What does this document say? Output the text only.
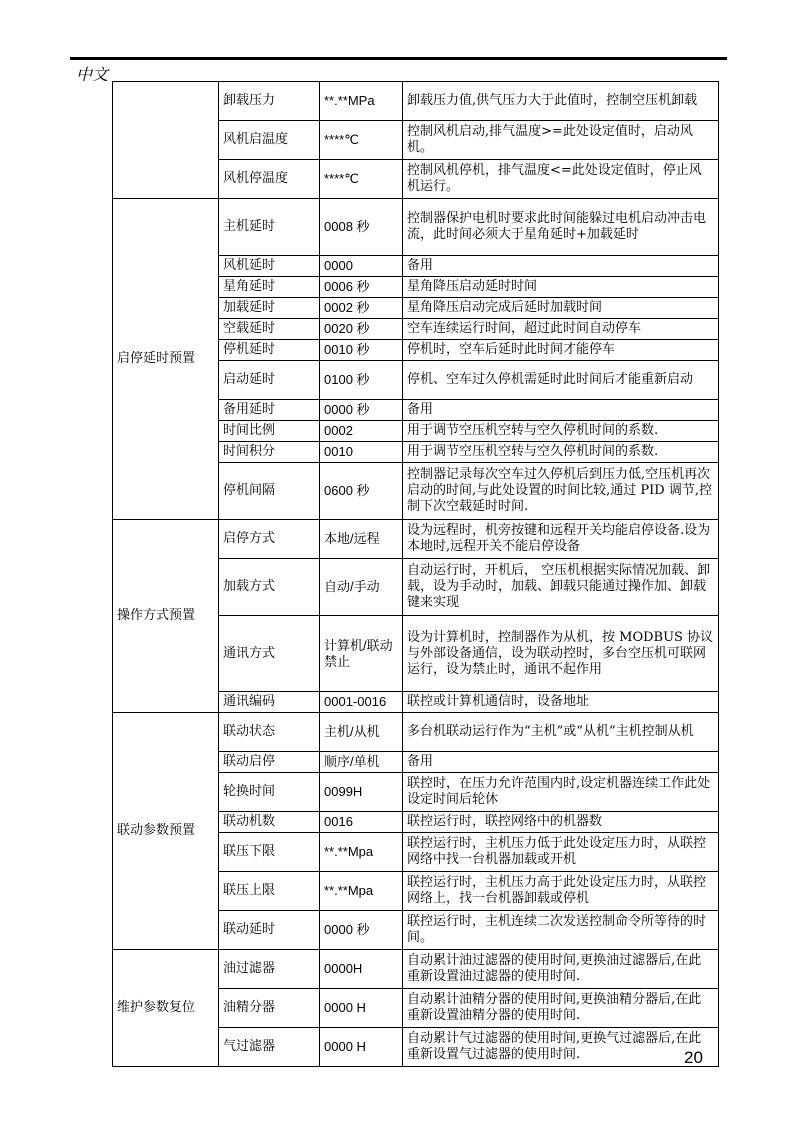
中文
	卸载压力	**.**MPa	卸载压力值,供气压力大于此值时，控制空压机卸载
	风机启温度	****℃	控制风机启动,排气温度>=此处设定值时，启动风机。
	风机停温度	****℃	控制风机停机，排气温度<=此处设定值时，停止风机运行。
启停延时预置	主机延时	0008 秒	控制器保护电机时要求此时间能躲过电机启动冲击电流，此时间必须大于星角延时+加载延时
	风机延时	0000	备用
	星角延时	0006 秒	星角降压启动延时时间
	加载延时	0002 秒	星角降压启动完成后延时加载时间
	空载延时	0020 秒	空车连续运行时间，超过此时间自动停车
	停机延时	0010 秒	停机时，空车后延时此时间才能停车
	启动延时	0100 秒	停机、空车过久停机需延时此时间后才能重新启动
	备用延时	0000 秒	备用
	时间比例	0002	用于调节空压机空转与空久停机时间的系数.
	时间积分	0010	用于调节空压机空转与空久停机时间的系数.
	停机间隔	0600 秒	控制器记录每次空车过久停机后到压力低,空压机再次启动的时间,与此处设置的时间比较,通过 PID 调节,控制下次空载延时时间.
操作方式预置	启停方式	本地/远程	设为远程时，机旁按键和远程开关均能启停设备.设为本地时,远程开关不能启停设备
	加载方式	自动/手动	自动运行时，开机后， 空压机根据实际情况加载、卸载，设为手动时，加载、卸载只能通过操作加、卸载键来实现
	通讯方式	计算机/联动禁止	设为计算机时，控制器作为从机，按 MODBUS 协议与外部设备通信，设为联动控时，多台空压机可联网运行，设为禁止时，通讯不起作用
	通讯编码	0001-0016	联控或计算机通信时，设备地址
联动参数预置	联动状态	主机/从机	多台机联动运行作为“主机”或“从机”主机控制从机
	联动启停	顺序/单机	备用
	轮换时间	0099H	联控时，在压力允许范围内时,设定机器连续工作此处设定时间后轮休
	联动机数	0016	联控运行时，联控网络中的机器数
	联压下限	**.**Mpa	联控运行时，主机压力低于此处设定压力时，从联控网络中找一台机器加载或开机
	联压上限	**.**Mpa	联控运行时，主机压力高于此处设定压力时，从联控网络上，找一台机器卸载或停机
	联动延时	0000 秒	联控运行时，主机连续二次发送控制命令所等待的时间。
维护参数复位	油过滤器	0000H	自动累计油过滤器的使用时间,更换油过滤器后,在此重新设置油过滤器的使用时间.
	油精分器	0000 H	自动累计油精分器的使用时间,更换油精分器后,在此重新设置油精分器的使用时间.
	气过滤器	0000 H	自动累计气过滤器的使用时间,更换气过滤器后,在此重新设置气过滤器的使用时间.	20
